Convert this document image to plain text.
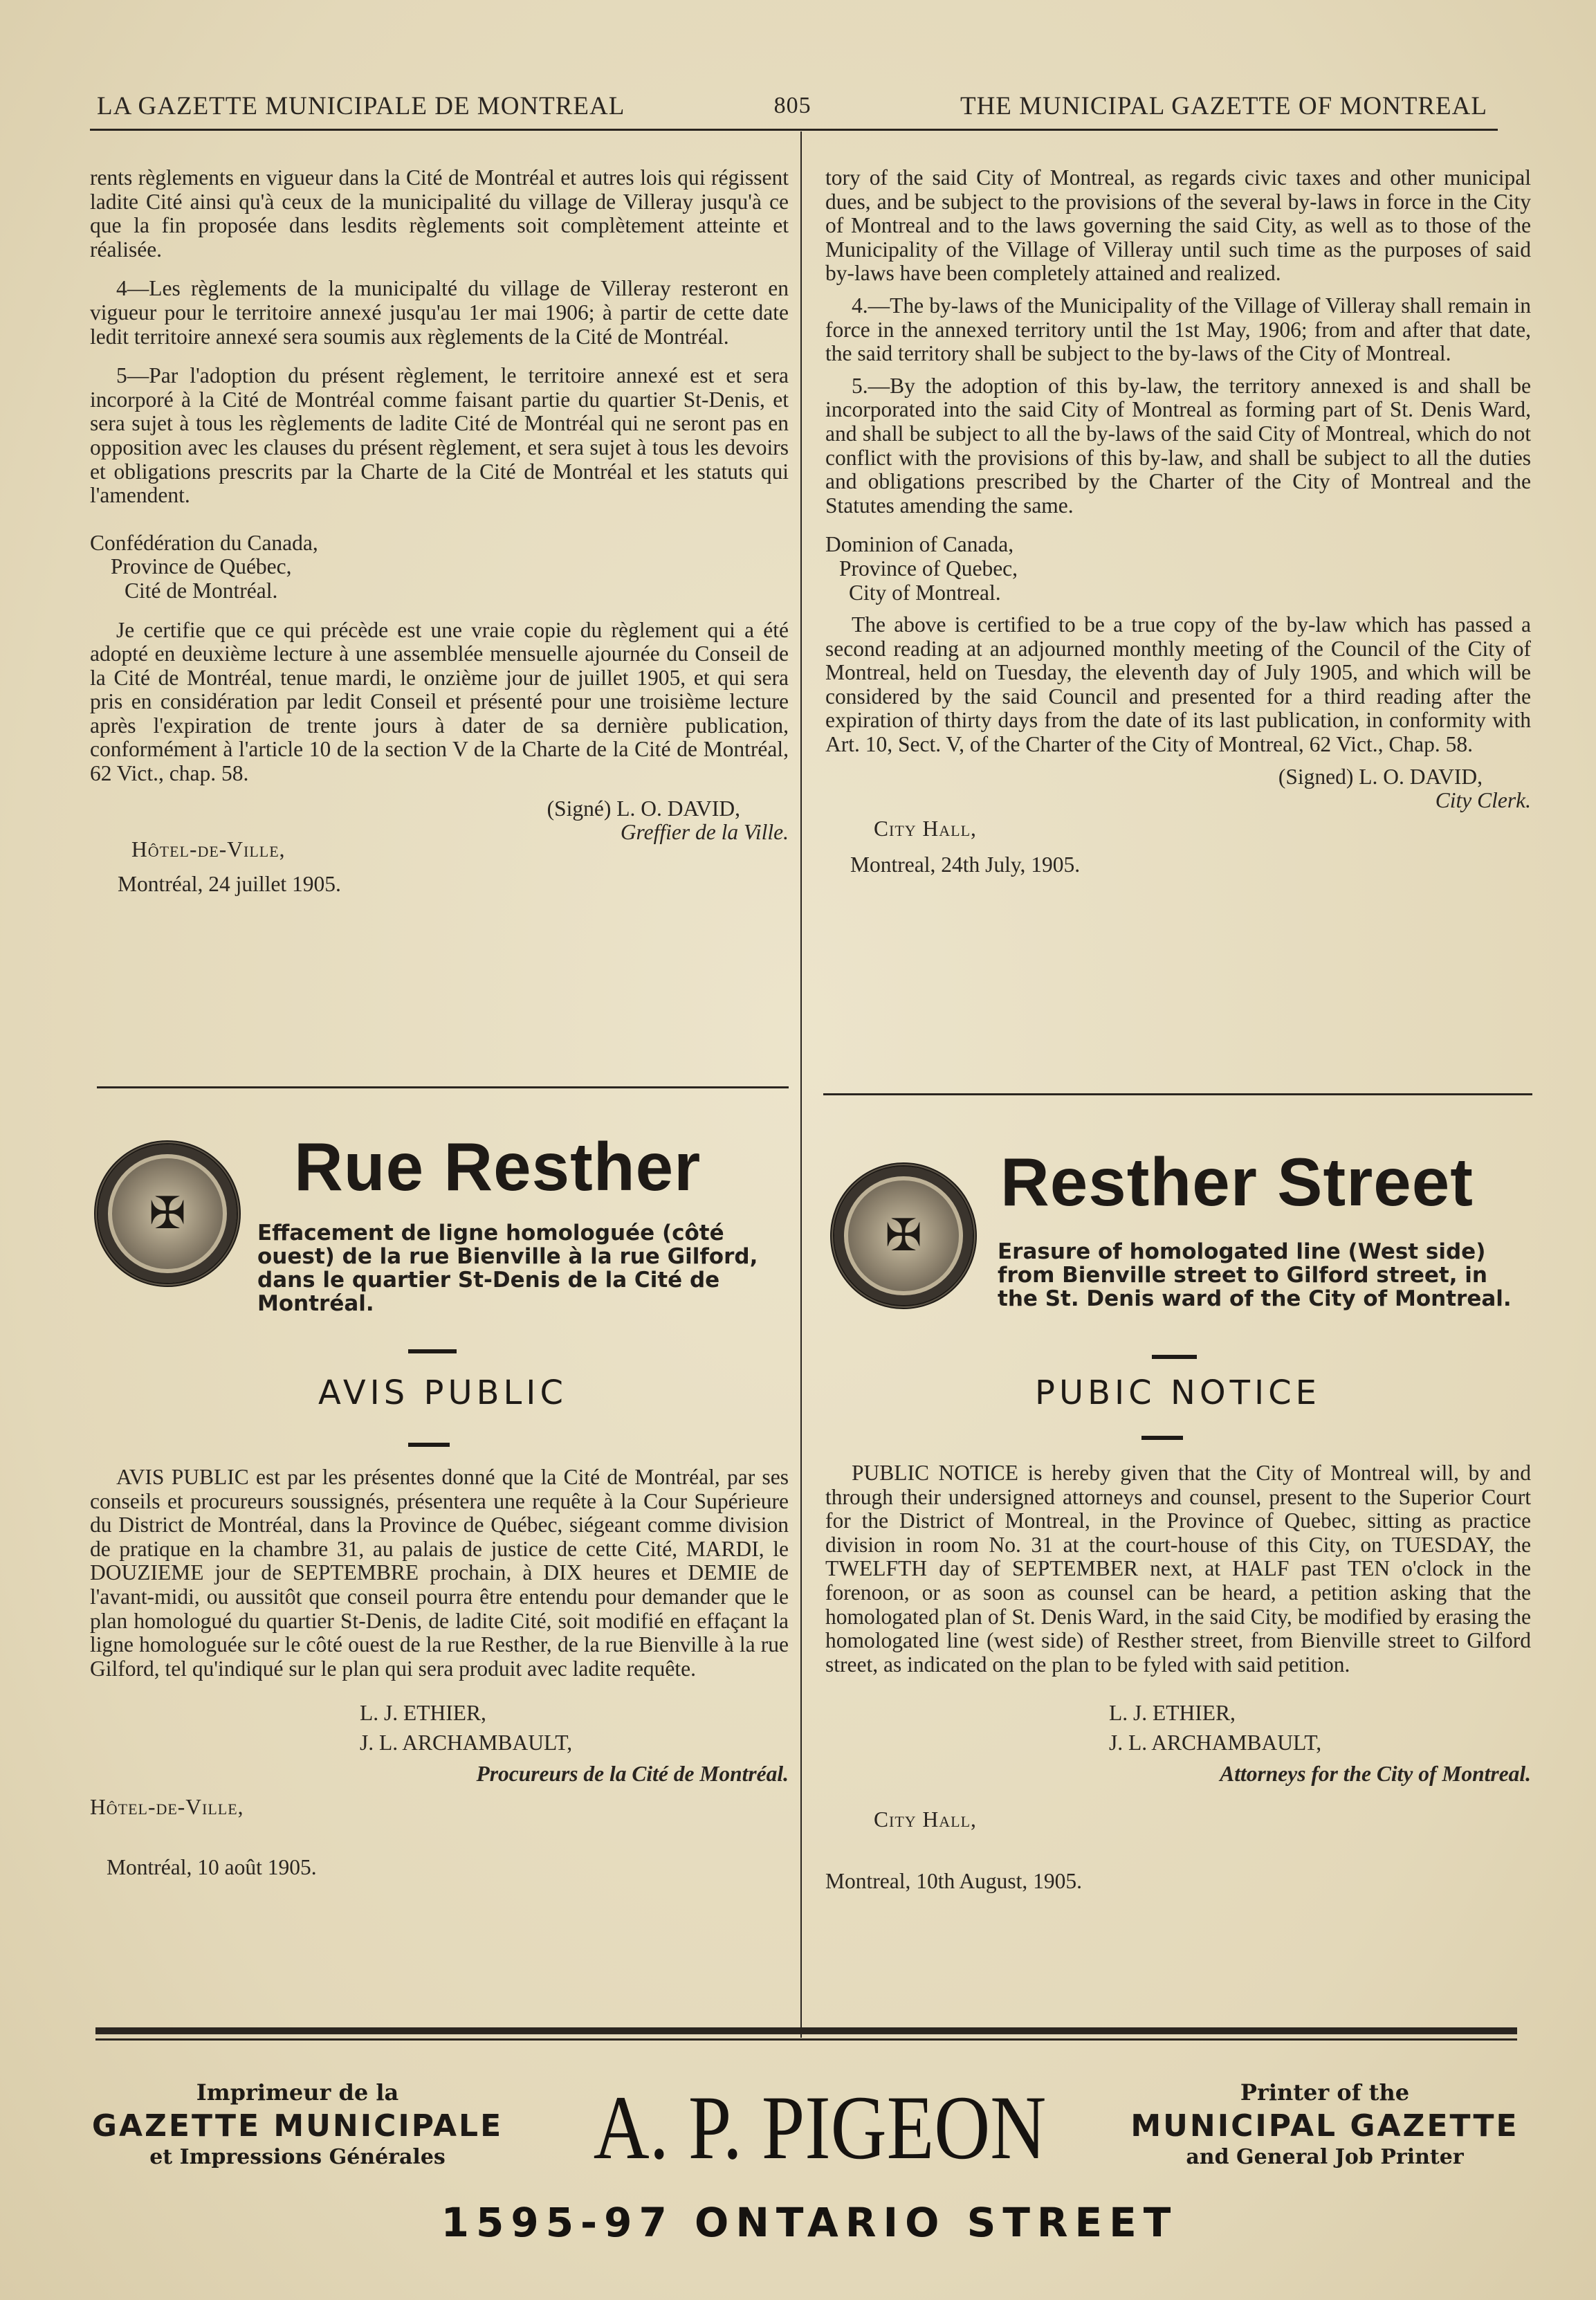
LA GAZETTE MUNICIPALE DE MONTREAL	805	THE MUNICIPAL GAZETTE OF MONTREAL

rents règlements en vigueur dans la Cité de Montréal et autres lois qui régissent ladite Cité ainsi qu'à ceux de la municipalité du village de Villeray jusqu'à ce que la fin proposée dans lesdits règlements soit complètement atteinte et réalisée.

4—Les règlements de la municipalté du village de Villeray resteront en vigueur pour le territoire annexé jusqu'au 1er mai 1906; à partir de cette date ledit territoire annexé sera soumis aux règlements de la Cité de Montréal.

5—Par l'adoption du présent règlement, le territoire annexé est et sera incorporé à la Cité de Montréal comme faisant partie du quartier St-Denis, et sera sujet à tous les règlements de ladite Cité de Montréal qui ne seront pas en opposition avec les clauses du présent règlement, et sera sujet à tous les devoirs et obligations prescrits par la Charte de la Cité de Montréal et les statuts qui l'amendent.

Confédération du Canada,
Province de Québec,
Cité de Montréal.

Je certifie que ce qui précède est une vraie copie du règlement qui a été adopté en deuxième lecture à une assemblée mensuelle ajournée du Conseil de la Cité de Montréal, tenue mardi, le onzième jour de juillet 1905, et qui sera pris en considération par ledit Conseil et présenté pour une troisième lecture après l'expiration de trente jours à dater de sa dernière publication, conformément à l'article 10 de la section V de la Charte de la Cité de Montréal, 62 Vict., chap. 58.

(Signé) L. O. DAVID,
Greffier de la Ville.
Hôtel-de-Ville,
Montréal, 24 juillet 1905.

tory of the said City of Montreal, as regards civic taxes and other municipal dues, and be subject to the provisions of the several by-laws in force in the City of Montreal and to the laws governing the said City, as well as to those of the Municipality of the Village of Villeray until such time as the purposes of said by-laws have been completely attained and realized.

4.—The by-laws of the Municipality of the Village of Villeray shall remain in force in the annexed territory until the 1st May, 1906; from and after that date, the said territory shall be subject to the by-laws of the City of Montreal.

5.—By the adoption of this by-law, the territory annexed is and shall be incorporated into the said City of Montreal as forming part of St. Denis Ward, and shall be subject to all the by-laws of the said City of Montreal, which do not conflict with the provisions of this by-law, and shall be subject to all the duties and obligations prescribed by the Charter of the City of Montreal and the Statutes amending the same.

Dominion of Canada,
Province of Quebec,
City of Montreal.

The above is certified to be a true copy of the by-law which has passed a second reading at an adjourned monthly meeting of the Council of the City of Montreal, held on Tuesday, the eleventh day of July 1905, and which will be considered by the said Council and presented for a third reading after the expiration of thirty days from the date of its last publication, in conformity with Art. 10, Sect. V, of the Charter of the City of Montreal, 62 Vict., Chap. 58.

(Signed) L. O. DAVID,
City Clerk.
City Hall,
Montreal, 24th July, 1905.
✠
Rue Resther
Effacement de ligne homologuée (côté ouest) de la rue Bienville à la rue Gilford, dans le quartier St-Denis de la Cité de Montréal.
AVIS PUBLIC

AVIS PUBLIC est par les présentes donné que la Cité de Montréal, par ses conseils et procureurs soussignés, présentera une requête à la Cour Supérieure du District de Montréal, dans la Province de Québec, siégeant comme division de pratique en la chambre 31, au palais de justice de cette Cité, MARDI, le DOUZIEME jour de SEPTEMBRE prochain, à DIX heures et DEMIE de l'avant-midi, ou aussitôt que conseil pourra être entendu pour demander que le plan homologué du quartier St-Denis, de ladite Cité, soit modifié en effaçant la ligne homologuée sur le côté ouest de la rue Resther, de la rue Bienville à la rue Gilford, tel qu'indiqué sur le plan qui sera produit avec ladite requête.

L. J. ETHIER,
J. L. ARCHAMBAULT,
Procureurs de la Cité de Montréal.
Hôtel-de-Ville,
Montréal, 10 août 1905.
✠
Resther Street
Erasure of homologated line (West side) from Bienville street to Gilford street, in the St. Denis ward of the City of Montreal.
PUBIC NOTICE

PUBLIC NOTICE is hereby given that the City of Montreal will, by and through their undersigned attorneys and counsel, present to the Superior Court for the District of Montreal, in the Province of Quebec, sitting as practice division in room No. 31 at the court-house of this City, on TUESDAY, the TWELFTH day of SEPTEMBER next, at HALF past TEN o'clock in the forenoon, or as soon as counsel can be heard, a petition asking that the homologated plan of St. Denis Ward, in the said City, be modified by erasing the homologated line (west side) of Resther street, from Bienville street to Gilford street, as indicated on the plan to be fyled with said petition.

L. J. ETHIER,
J. L. ARCHAMBAULT,
Attorneys for the City of Montreal.
City Hall,
Montreal, 10th August, 1905.
Imprimeur de la
GAZETTE MUNICIPALE
et Impressions Générales	A. P. PIGEON	Printer of the
MUNICIPAL GAZETTE
and General Job Printer
1595-97 ONTARIO STREET
